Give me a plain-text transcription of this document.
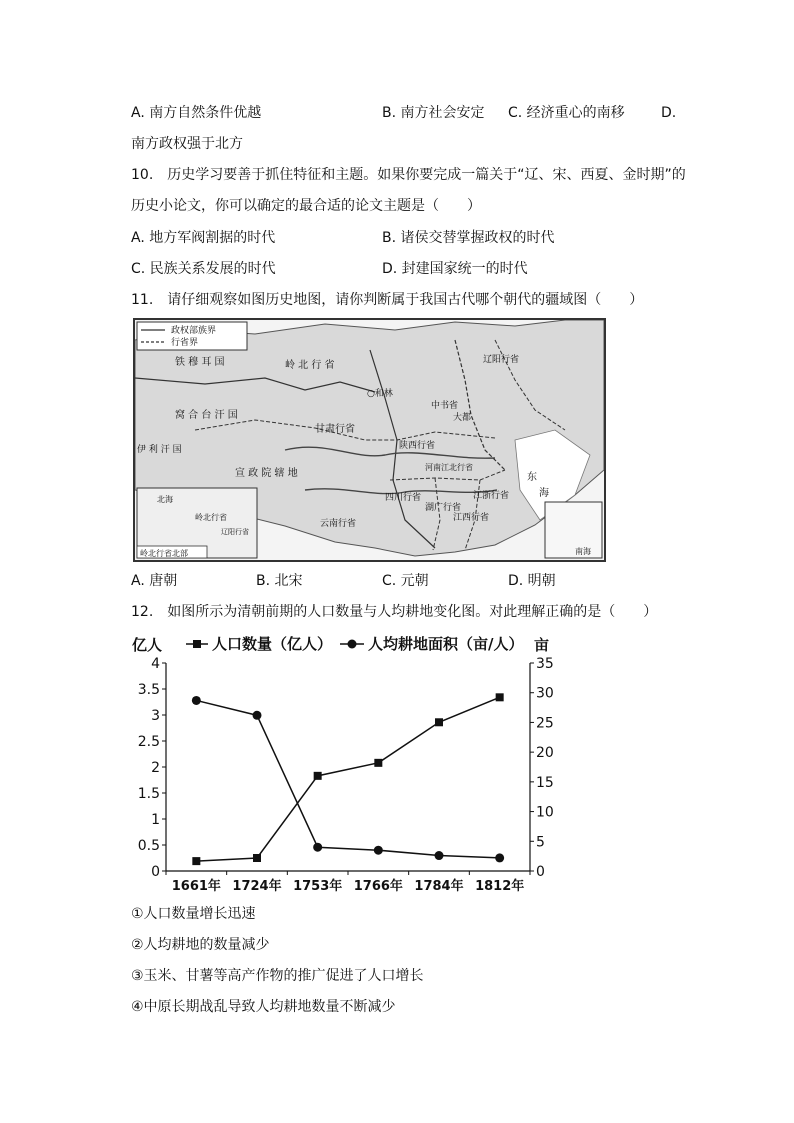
A. 南方自然条件优越	B. 南方社会安定 C. 经济重心的南移	D.
南方政权强于北方
10.　历史学习要善于抓住特征和主题。如果你要完成一篇关于“辽、宋、西夏、金时期”的
历史小论文，你可以确定的最合适的论文主题是（　　）
A. 地方军阀割据的时代	B. 诸侯交替掌握政权的时代
C. 民族关系发展的时代	D. 封建国家统一的时代
11.　请仔细观察如图历史地图，请你判断属于我国古代哪个朝代的疆域图（　　）
政权部族界
行省界
铁 穆 耳 国	岭 北 行 省
○和林
辽阳行省
窝 合 台 汗 国
伊 利 汗 国
大都
中书省
甘肃行省
陕西行省
河南江北行省
宣 政 院 辖 地
四川行省
湖广行省
江浙行省
江西行省
云南行省
东
海
北海
岭北行省
辽阳行省
岭北行省北部	南海
A. 唐朝	B. 北宋	C. 元朝	D. 明朝
12.　如图所示为清朝前期的人口数量与人均耕地变化图。对此理解正确的是（　　）
0
0.5
1
1.5
2
2.5
3
3.5
4
0
5
10
15
20
25
30
35
1661年 1724年 1753年 1766年 1784年 1812年
亿人	亩
人口数量（亿人） 人均耕地面积（亩/人）
①人口数量增长迅速
②人均耕地的数量减少
③玉米、甘薯等高产作物的推广促进了人口增长
④中原长期战乱导致人均耕地数量不断减少
